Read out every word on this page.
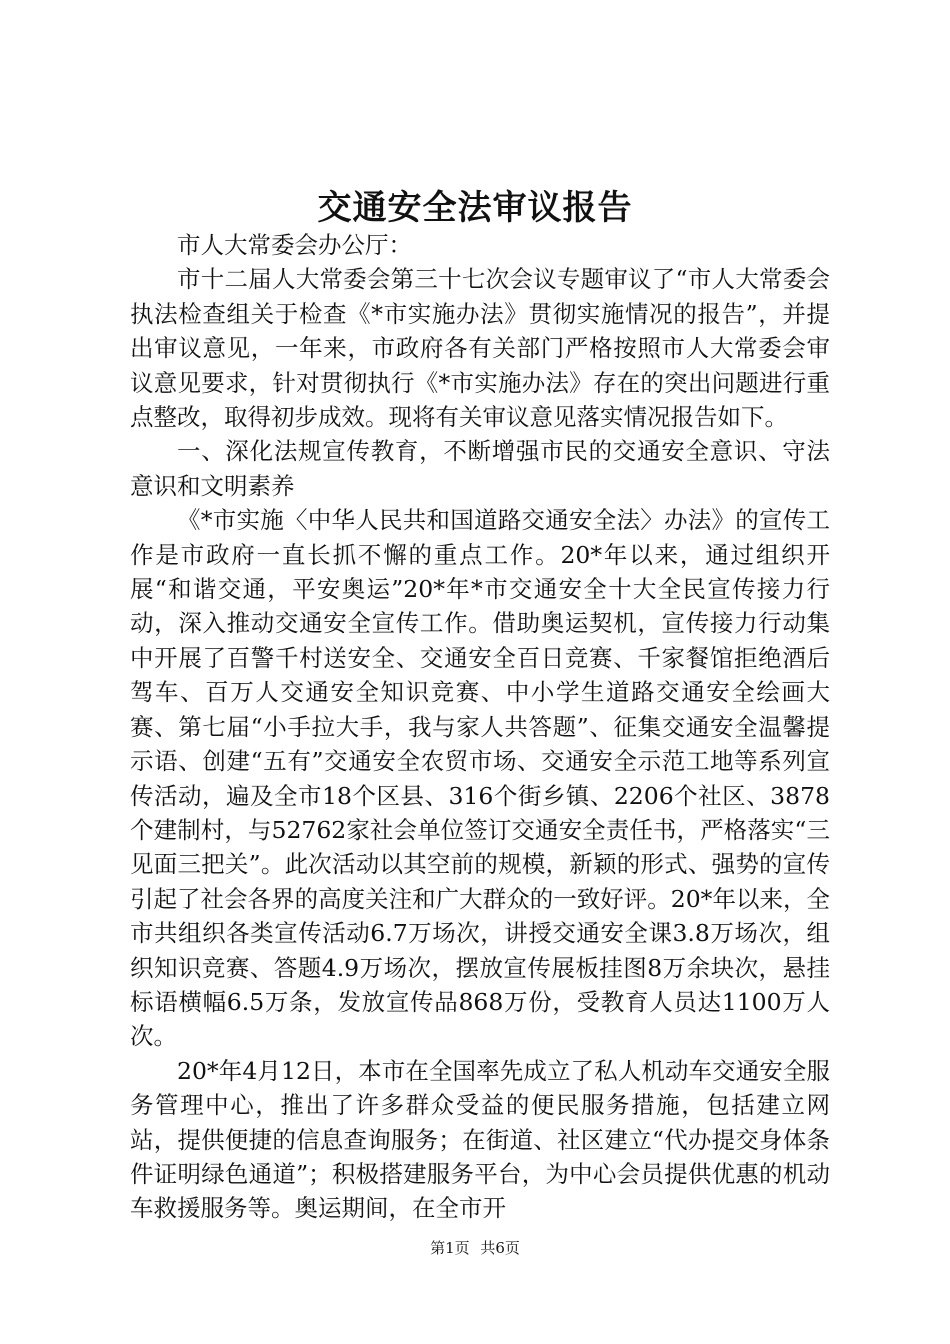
交通安全法审议报告

市人大常委会办公厅：

市十二届人大常委会第三十七次会议专题审议了“市人大常委会执法检查组关于检查《*市实施办法》贯彻实施情况的报告”，并提出审议意见，一年来，市政府各有关部门严格按照市人大常委会审议意见要求，针对贯彻执行《*市实施办法》存在的突出问题进行重点整改，取得初步成效。现将有关审议意见落实情况报告如下。

一、深化法规宣传教育，不断增强市民的交通安全意识、守法意识和文明素养

《*市实施〈中华人民共和国道路交通安全法〉办法》的宣传工作是市政府一直长抓不懈的重点工作。20*年以来，通过组织开展“和谐交通，平安奥运”20*年*市交通安全十大全民宣传接力行动，深入推动交通安全宣传工作。借助奥运契机，宣传接力行动集中开展了百警千村送安全、交通安全百日竞赛、千家餐馆拒绝酒后驾车、百万人交通安全知识竞赛、中小学生道路交通安全绘画大赛、第七届“小手拉大手，我与家人共答题”、征集交通安全温馨提示语、创建“五有”交通安全农贸市场、交通安全示范工地等系列宣传活动，遍及全市18个区县、316个街乡镇、2206个社区、3878个建制村，与52762家社会单位签订交通安全责任书，严格落实“三见面三把关”。此次活动以其空前的规模，新颖的形式、强势的宣传引起了社会各界的高度关注和广大群众的一致好评。20*年以来，全市共组织各类宣传活动6.7万场次，讲授交通安全课3.8万场次，组织知识竞赛、答题4.9万场次，摆放宣传展板挂图8万余块次，悬挂标语横幅6.5万条，发放宣传品868万份，受教育人员达1100万人次。

20*年4月12日，本市在全国率先成立了私人机动车交通安全服务管理中心，推出了许多群众受益的便民服务措施，包括建立网站，提供便捷的信息查询服务；在街道、社区建立“代办提交身体条件证明绿色通道”；积极搭建服务平台，为中心会员提供优惠的机动车救援服务等。奥运期间，在全市开

第1页 共6页
